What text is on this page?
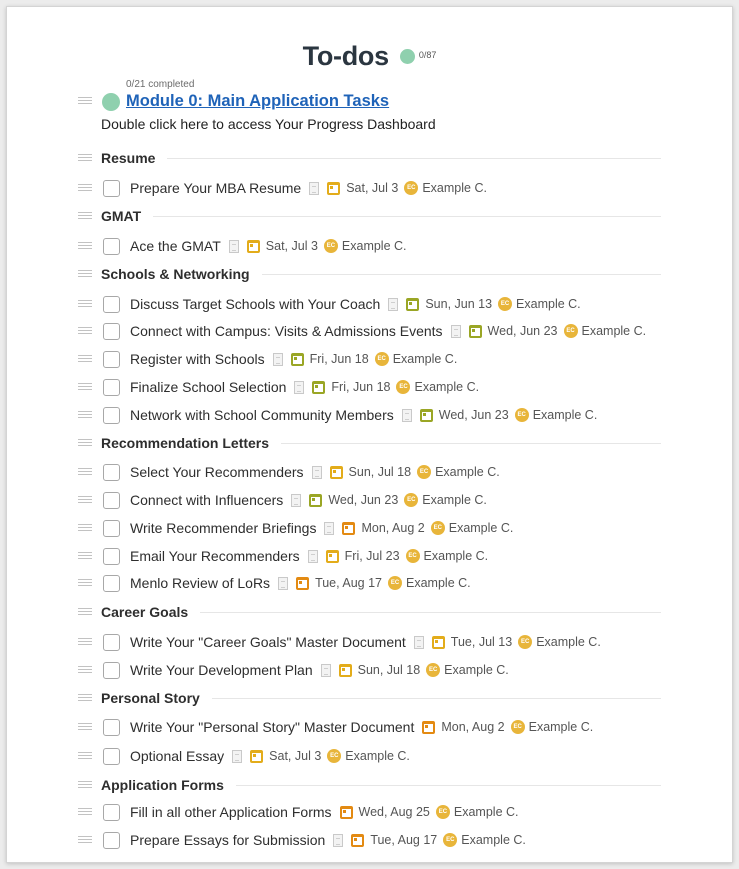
To-dos	0/87
0/21 completed
Module 0: Main Application Tasks
Double click here to access Your Progress Dashboard
Resume
Prepare Your MBA Resume	Sat, Jul 3	EC Example C.
GMAT
Ace the GMAT	Sat, Jul 3	EC Example C.
Schools & Networking
Discuss Target Schools with Your Coach	Sun, Jun 13	EC Example C.
Connect with Campus: Visits & Admissions Events	Wed, Jun 23	EC Example C.
Register with Schools	Fri, Jun 18	EC Example C.
Finalize School Selection	Fri, Jun 18	EC Example C.
Network with School Community Members	Wed, Jun 23	EC Example C.
Recommendation Letters
Select Your Recommenders	Sun, Jul 18	EC Example C.
Connect with Influencers	Wed, Jun 23	EC Example C.
Write Recommender Briefings	Mon, Aug 2	EC Example C.
Email Your Recommenders	Fri, Jul 23	EC Example C.
Menlo Review of LoRs	Tue, Aug 17	EC Example C.
Career Goals
Write Your "Career Goals" Master Document	Tue, Jul 13	EC Example C.
Write Your Development Plan	Sun, Jul 18	EC Example C.
Personal Story
Write Your "Personal Story" Master Document Mon, Aug 2	EC Example C.
Optional Essay	Sat, Jul 3	EC Example C.
Application Forms
Fill in all other Application Forms Wed, Aug 25	EC Example C.
Prepare Essays for Submission	Tue, Aug 17	EC Example C.
